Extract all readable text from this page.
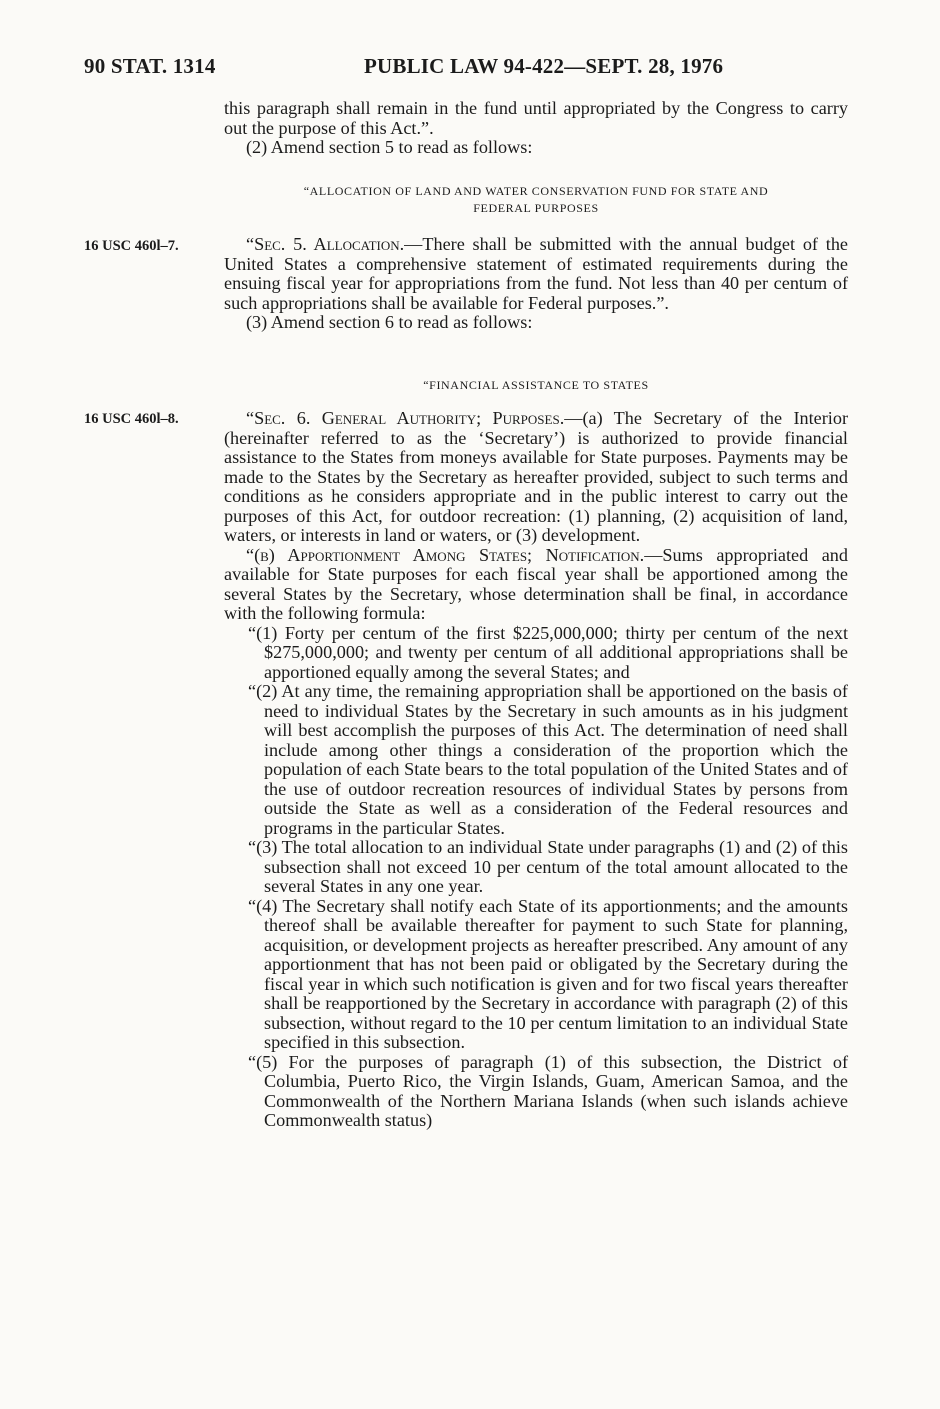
90 STAT. 1314	PUBLIC LAW 94-422—SEPT. 28, 1976

this paragraph shall remain in the fund until appropriated by the Congress to carry out the purpose of this Act.”.

(2) Amend section 5 to read as follows:

“ALLOCATION OF LAND AND WATER CONSERVATION FUND FOR STATE AND
FEDERAL PURPOSES
16 USC 460l–7.	“Sec. 5. Allocation.—There shall be submitted with the annual budget of the United States a comprehensive statement of estimated requirements during the ensuing fiscal year for appropriations from the fund. Not less than 40 per centum of such appropriations shall be available for Federal purposes.”.

(3) Amend section 6 to read as follows:

“FINANCIAL ASSISTANCE TO STATES
16 USC 460l–8.	“Sec. 6. General Authority; Purposes.—(a) The Secretary of the Interior (hereinafter referred to as the ‘Secretary’) is authorized to provide financial assistance to the States from moneys available for State purposes. Payments may be made to the States by the Secretary as hereafter provided, subject to such terms and conditions as he considers appropriate and in the public interest to carry out the purposes of this Act, for outdoor recreation: (1) planning, (2) acquisition of land, waters, or interests in land or waters, or (3) development.

“(b) Apportionment Among States; Notification.—Sums appropriated and available for State purposes for each fiscal year shall be apportioned among the several States by the Secretary, whose determination shall be final, in accordance with the following formula:

“(1) Forty per centum of the first $225,000,000; thirty per centum of the next $275,000,000; and twenty per centum of all additional appropriations shall be apportioned equally among the several States; and

“(2) At any time, the remaining appropriation shall be apportioned on the basis of need to individual States by the Secretary in such amounts as in his judgment will best accomplish the purposes of this Act. The determination of need shall include among other things a consideration of the proportion which the population of each State bears to the total population of the United States and of the use of outdoor recreation resources of individual States by persons from outside the State as well as a consideration of the Federal resources and programs in the particular States.

“(3) The total allocation to an individual State under paragraphs (1) and (2) of this subsection shall not exceed 10 per centum of the total amount allocated to the several States in any one year.

“(4) The Secretary shall notify each State of its apportionments; and the amounts thereof shall be available thereafter for payment to such State for planning, acquisition, or development projects as hereafter prescribed. Any amount of any apportionment that has not been paid or obligated by the Secretary during the fiscal year in which such notification is given and for two fiscal years thereafter shall be reapportioned by the Secretary in accordance with paragraph (2) of this subsection, without regard to the 10 per centum limitation to an individual State specified in this subsection.

“(5) For the purposes of paragraph (1) of this subsection, the District of Columbia, Puerto Rico, the Virgin Islands, Guam, American Samoa, and the Commonwealth of the Northern Mariana Islands (when such islands achieve Commonwealth status)
